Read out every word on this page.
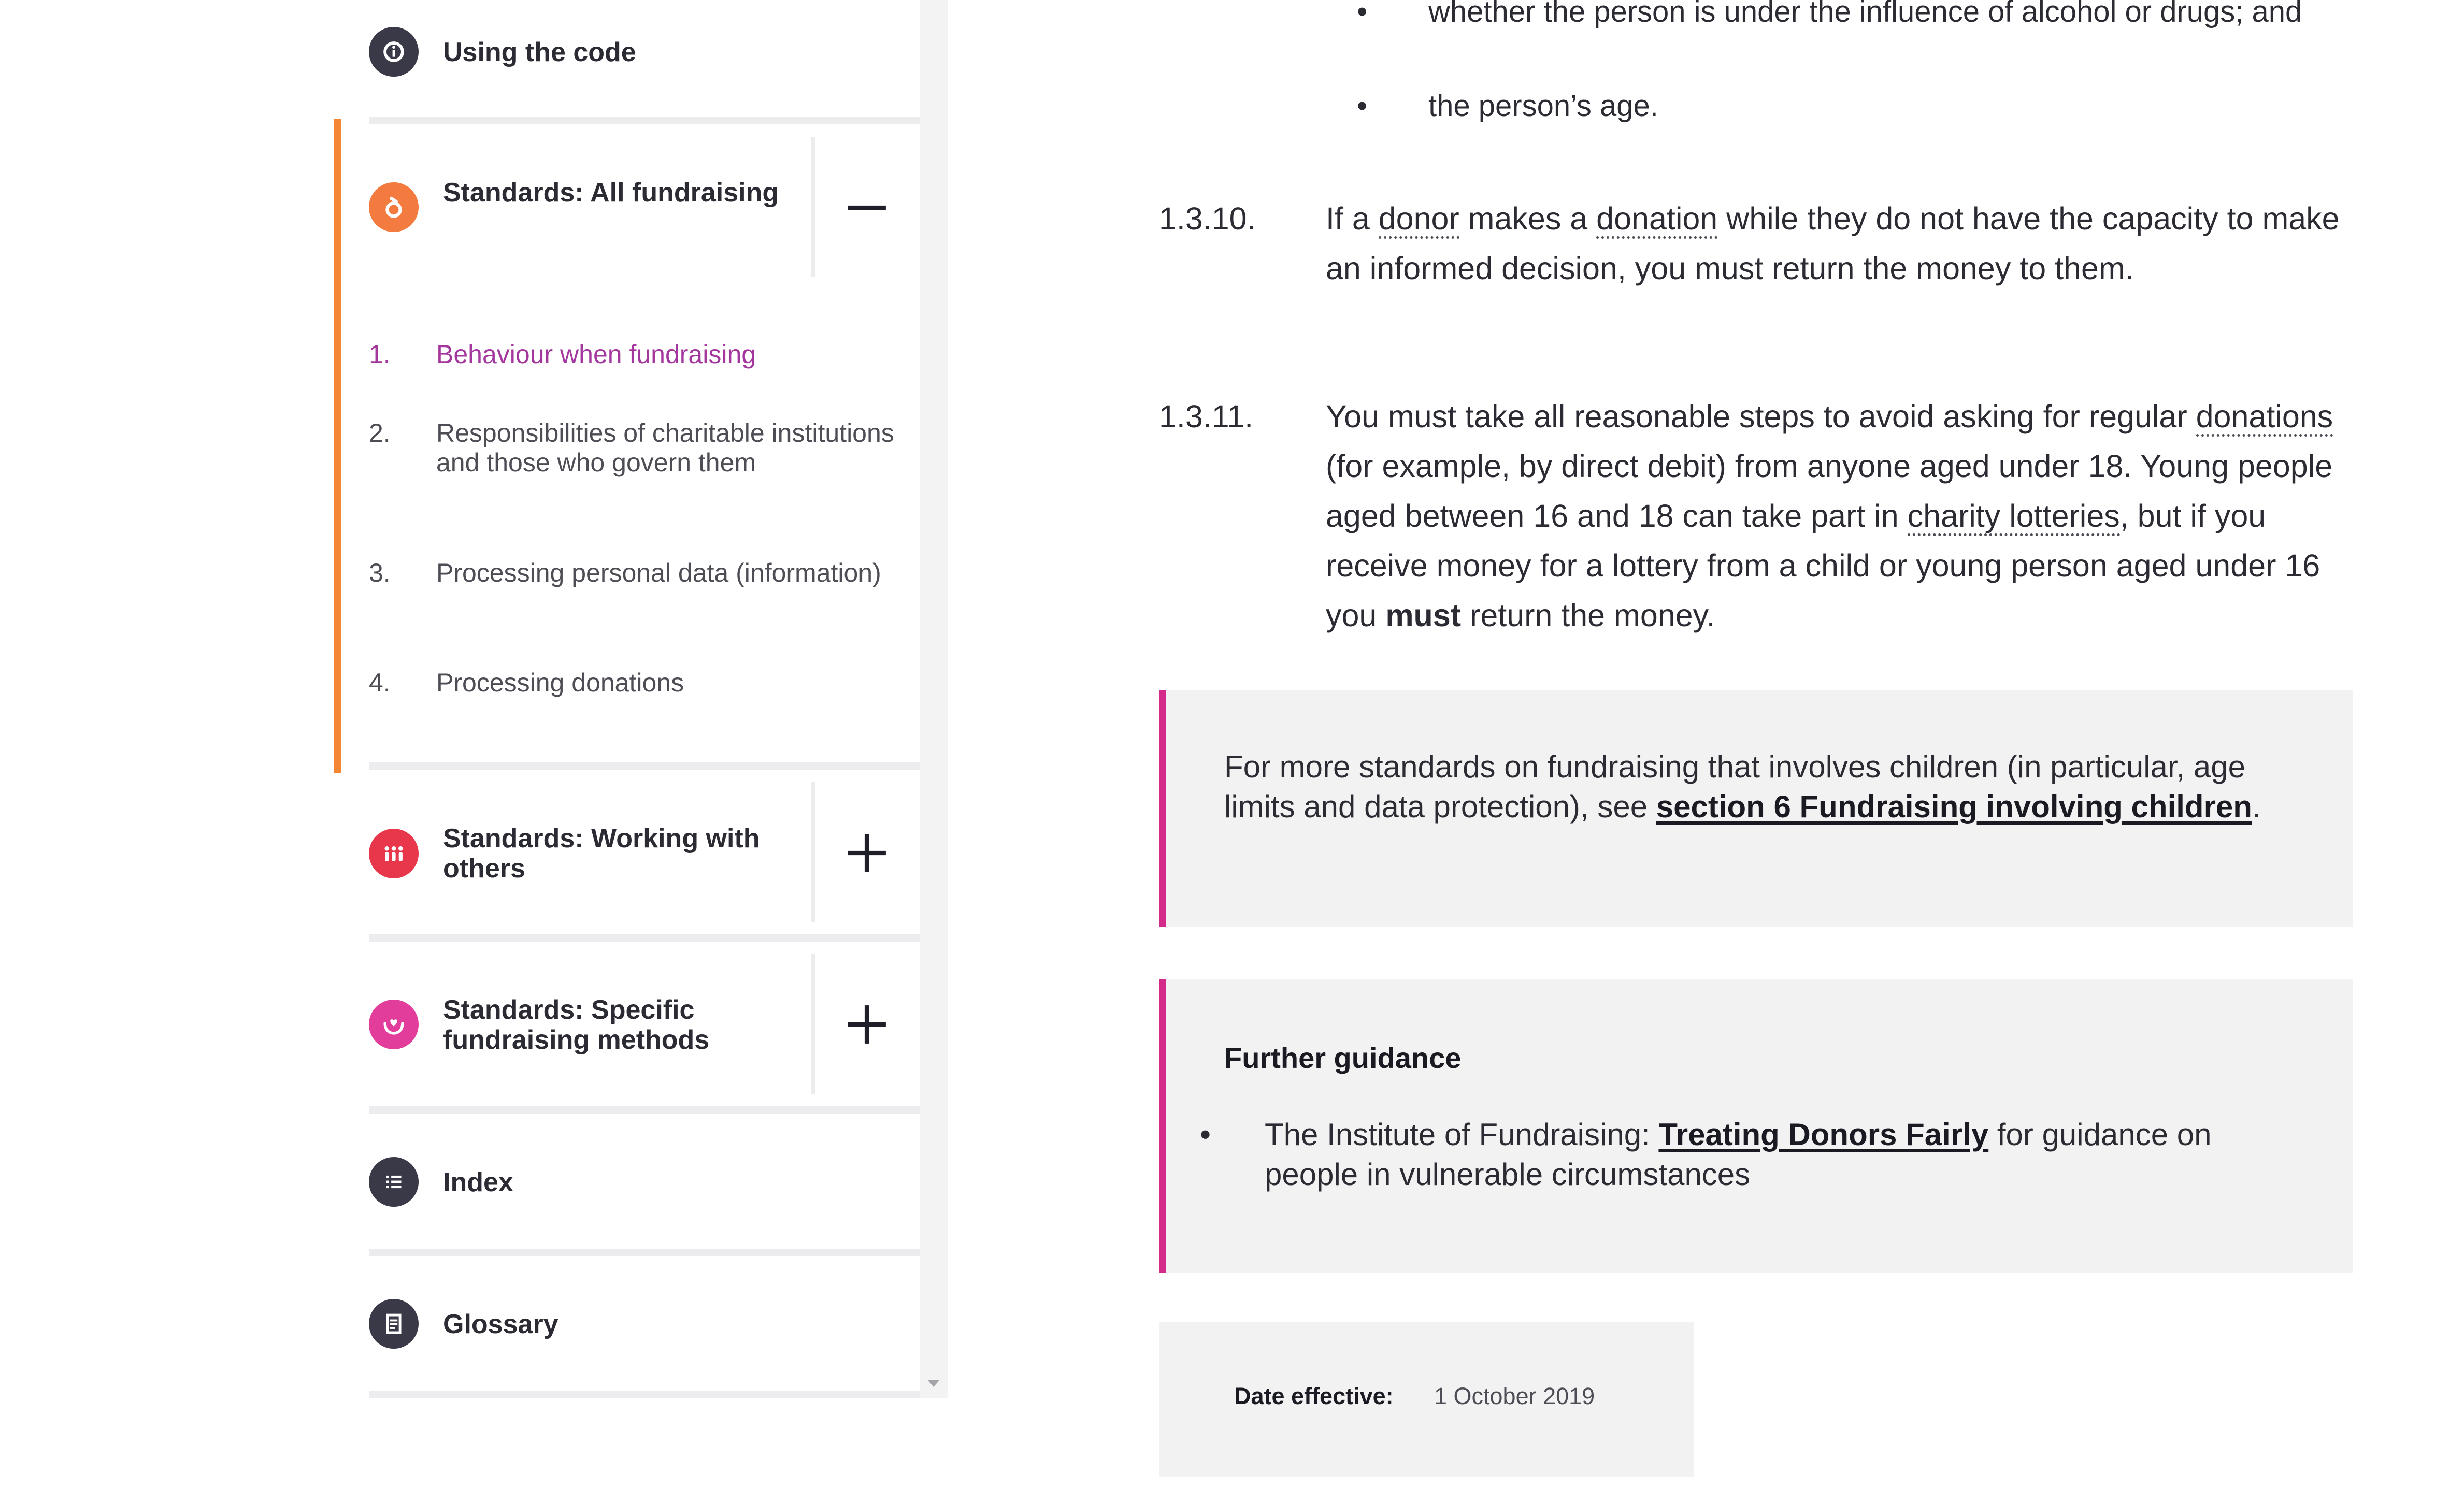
Using the code
Standards: All fundraising
1. Behaviour when fundraising
2. Responsibilities of charitable institutions and those who govern them
3. Processing personal data (information)
4. Processing donations
Standards: Working with others
Standards: Specific fundraising methods
Index
Glossary
• whether the person is under the influence of alcohol or drugs; and
• the person’s age.
1.3.10. If a donor makes a donation while they do not have the capacity to make an informed decision, you must return the money to them.
1.3.11. You must take all reasonable steps to avoid asking for regular donations (for example, by direct debit) from anyone aged under 18. Young people aged between 16 and 18 can take part in charity lotteries, but if you receive money for a lottery from a child or young person aged under 16 you must return the money.
For more standards on fundraising that involves children (in particular, age limits and data protection), see section 6 Fundraising involving children.
Further guidance
• The Institute of Fundraising: Treating Donors Fairly for guidance on people in vulnerable circumstances
Date effective: 1 October 2019
